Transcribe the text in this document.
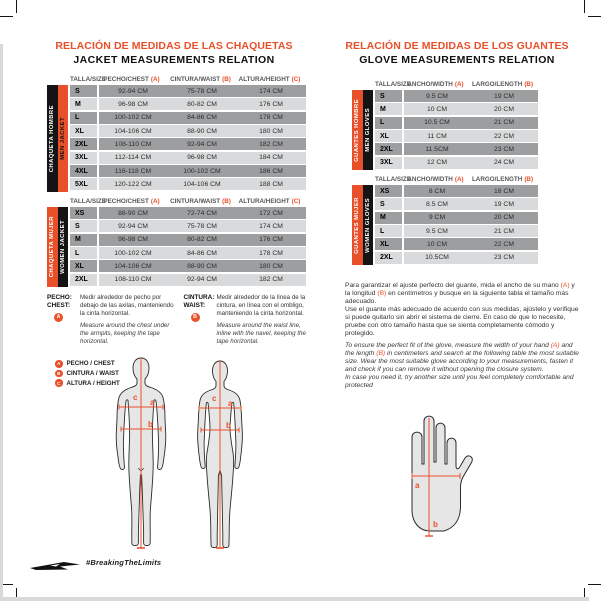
RELACIÓN DE MEDIDAS DE LAS CHAQUETAS
JACKET MEASUREMENTS RELATION
TALLA/SIZE
PECHO/CHEST (A)	CINTURA/WAIST (B)	ALTURA/HEIGHT (C)
CHAQUETA HOMBRE MEN JACKET
S	92-94 CM	75-78 CM	174 CM
M	96-98 CM	80-82 CM	176 CM
L	100-102 CM	84-86 CM	178 CM
XL	104-106 CM	88-90 CM	180 CM
2XL	108-110 CM	92-94 CM	182 CM
3XL	112-114 CM	96-98 CM	184 CM
4XL	116-118 CM	100-102 CM	186 CM
5XL	120-122 CM	104-106 CM	188 CM
TALLA/SIZE
PECHO/CHEST (A)	CINTURA/WAIST (B)	ALTURA/HEIGHT (C)
CHAQUETA MUJER WOMEN JACKET
XS	88-90 CM	72-74 CM	172 CM
S	92-94 CM	75-78 CM	174 CM
M	96-98 CM	80-82 CM	176 CM
L	100-102 CM	84-86 CM	178 CM
XL	104-106 CM	88-90 CM	180 CM
2XL	108-110 CM	92-94 CM	182 CM
PECHO:
CHEST:
A
Medir alrededor de pecho por debajo de las axilas, manteniendo la cinta horizontal.
Measure around the chest under the armpits, keeping the tape horizontal.
CINTURA:
WAIST:
B
Medir alrededor de la línea de la cintura, en línea con el ombligo, manteniendo la cinta horizontal.
Measure around the waist line, inline with the navel, keeping the tape horizontal.
A PECHO / CHEST
B CINTURA / WAIST
C ALTURA / HEIGHT
c
a
b
c
a
b
RELACIÓN DE MEDIDAS DE LOS GUANTES
GLOVE MEASUREMENTS RELATION
TALLA/SIZE
ANCHO/WIDTH (A)	LARGO/LENGTH (B)
GUANTES HOMBRE MEN GLOVES
S	9.5 CM	19 CM
M	10 CM	20 CM
L	10.5 CM	21 CM
XL	11 CM	22 CM
2XL	11.5CM	23 CM
3XL	12 CM	24 CM
TALLA/SIZE
ANCHO/WIDTH (A)	LARGO/LENGTH (B)
GUANTES MUJER WOMEN GLOVES
XS	8 CM	18 CM
S	8.5 CM	19 CM
M	9 CM	20 CM
L	9.5 CM	21 CM
XL	10 CM	22 CM
2XL	10.5CM	23 CM

Para garantizar el ajuste perfecto del guante, mida el ancho de su mano (A) y la longitud (B) en centímetros y busque en la siguiente tabla el tamaño más adecuado.

Use el guante más adecuado de acuerdo con sus medidas, ajústelo y verifique si puede quitarlo sin abrir el sistema de cierre. En caso de que lo necesite, pruebe con otro tamaño hasta que se sienta completamente cómodo y protegido.

To ensure the perfect fit of the glove, measure the width of your hand (A) and the length (B) in centimeters and search at the following table the most suitable size. Wear the most suitable glove according to your measurements, fasten it and check if you can remove it without opening the closure system.

In case you need it, try another size until you feel completely comfortable and protected

a
b
#BreakingTheLimits
